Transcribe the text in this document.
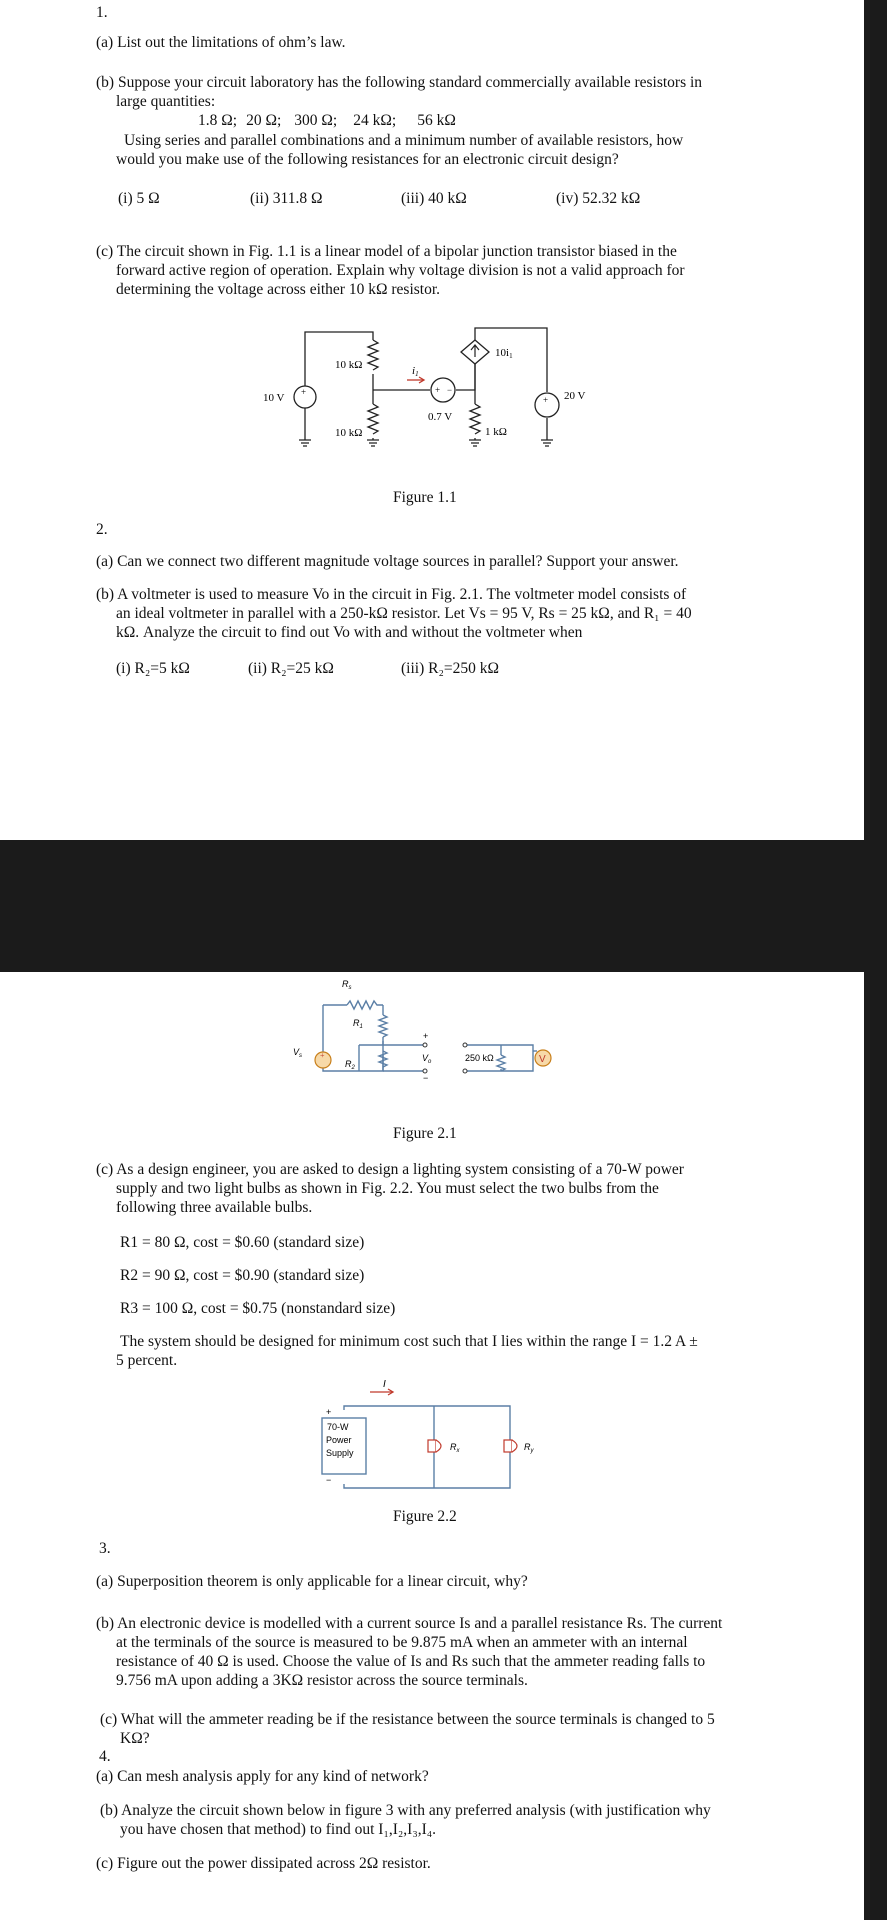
1.
(a) List out the limitations of ohm’s law.
(b) Suppose your circuit laboratory has the following standard commercially available resistors in

large quantities:
1.8 Ω; 20 Ω; 300 Ω; 24 kΩ; 56 kΩ
Using series and parallel combinations and a minimum number of available resistors, how

would you make use of the following resistances for an electronic circuit design?
(i) 5 Ω	(ii) 311.8 Ω	(iii) 40 kΩ	(iv) 52.32 kΩ
(c) The circuit shown in Fig. 1.1 is a linear model of a bipolar junction transistor biased in the

forward active region of operation. Explain why voltage division is not a valid approach for
determining the voltage across either 10 kΩ resistor.
+	+ −
+
10 V
10 kΩ
10 kΩ
i1
0.7 V
10i1
1 kΩ
20 V
Figure 1.1
2.
(a) Can we connect two different magnitude voltage sources in parallel? Support your answer.
(b) A voltmeter is used to measure Vo in the circuit in Fig. 2.1. The voltmeter model consists of

an ideal voltmeter in parallel with a 250-kΩ resistor. Let Vs = 95 V, Rs = 25 kΩ, and R₁ = 40
kΩ. Analyze the circuit to find out Vo with and without the voltmeter when
(i) R₂=5 kΩ	(ii) R₂=25 kΩ	(iii) R₂=250 kΩ
+	V
$R_s$
$R_1$
$R_2$
$V_s$
+
$V_o$
−
250 kΩ
Figure 2.1
(c) As a design engineer, you are asked to design a lighting system consisting of a 70-W power

supply and two light bulbs as shown in Fig. 2.2. You must select the two bulbs from the
following three available bulbs.
R1 = 80 Ω, cost = $0.60 (standard size)
R2 = 90 Ω, cost = $0.90 (standard size)
R3 = 100 Ω, cost = $0.75 (nonstandard size)
The system should be designed for minimum cost such that I lies within the range I = 1.2 A ±

5 percent.
I
+
70-W
Power
Supply
−
$R_x$	$R_y$
Figure 2.2
3.
(a) Superposition theorem is only applicable for a linear circuit, why?
(b) An electronic device is modelled with a current source Is and a parallel resistance Rs. The current

at the terminals of the source is measured to be 9.875 mA when an ammeter with an internal
resistance of 40 Ω is used. Choose the value of Is and Rs such that the ammeter reading falls to
9.756 mA upon adding a 3KΩ resistor across the source terminals.
(c) What will the ammeter reading be if the resistance between the source terminals is changed to 5

KΩ?
4.
(a) Can mesh analysis apply for any kind of network?
(b) Analyze the circuit shown below in figure 3 with any preferred analysis (with justification why

you have chosen that method) to find out I₁,I₂,I₃,I₄.
(c) Figure out the power dissipated across 2Ω resistor.
